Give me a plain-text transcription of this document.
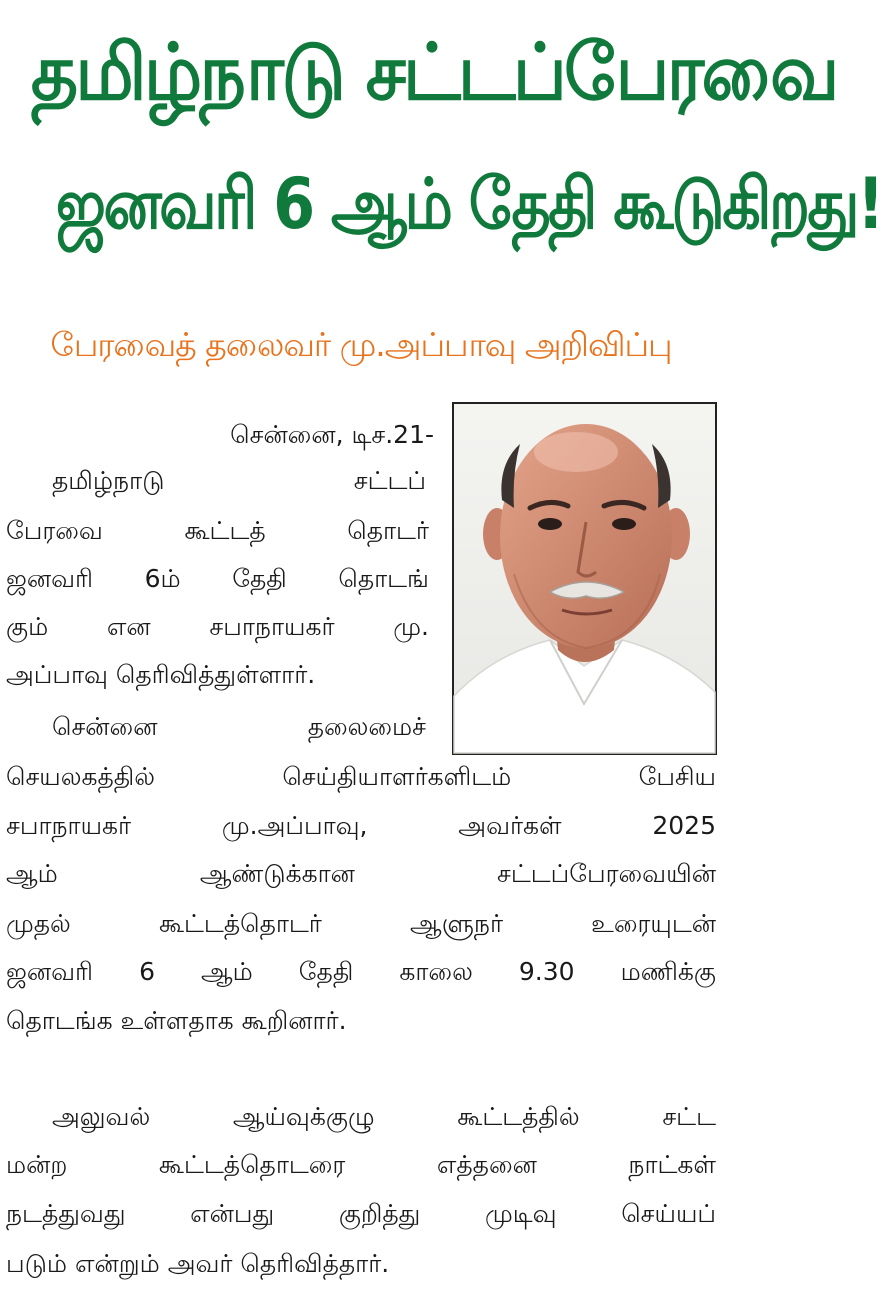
தமிழ்நாடு சட்டப்பேரவை
ஜனவரி 6 ஆம் தேதி கூடுகிறது!
பேரவைத் தலைவர் மு.அப்பாவு அறிவிப்பு
சென்னை, டிச.21-
தமிழ்நாடு	சட்டப்
பேரவை	கூட்டத்	தொடர்
ஜனவரி 6ம் தேதி தொடங்
கும் என சபாநாயகர் மு.
அப்பாவு தெரிவித்துள்ளார்.
சென்னை	தலைமைச்
செயலகத்தில்	செய்தியாளர்களிடம்	பேசிய
சபாநாயகர்	மு.அப்பாவு,	அவர்கள்	2025
ஆம்	ஆண்டுக்கான	சட்டப்பேரவையின்
முதல்	கூட்டத்தொடர்	ஆளுநர்	உரையுடன்
ஜனவரி 6 ஆம் தேதி காலை 9.30 மணிக்கு
தொடங்க உள்ளதாக கூறினார்.
அலுவல்	ஆய்வுக்குழு	கூட்டத்தில்	சட்ட
மன்ற	கூட்டத்தொடரை	எத்தனை	நாட்கள்
நடத்துவது	என்பது	குறித்து	முடிவு	செய்யப்
படும் என்றும் அவர் தெரிவித்தார்.
